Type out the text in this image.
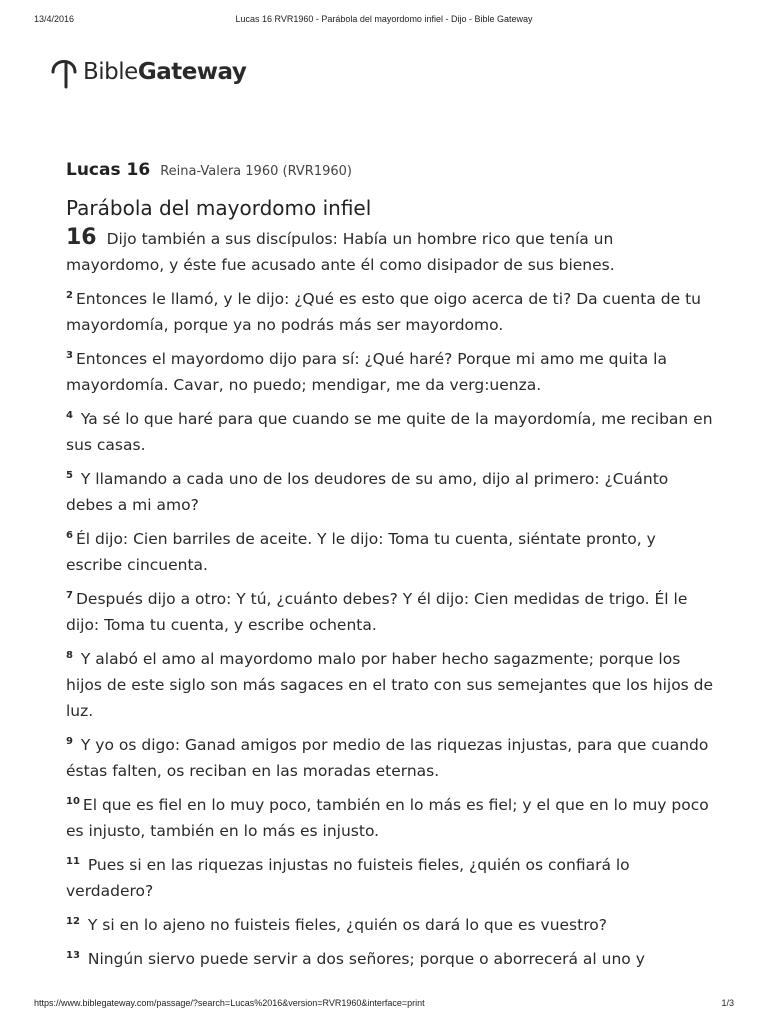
13/4/2016	Lucas 16 RVR1960 - Parábola del mayordomo infiel - Dijo - Bible Gateway
BibleGateway
Lucas 16 Reina-Valera 1960 (RVR1960)
Parábola del mayordomo infiel

16 Dijo también a sus discípulos: Había un hombre rico que tenía un mayordomo, y éste fue acusado ante él como disipador de sus bienes.

$^2$ Entonces le llamó, y le dijo: ¿Qué es esto que oigo acerca de ti? Da cuenta de tu mayordomía, porque ya no podrás más ser mayordomo.

$^3$ Entonces el mayordomo dijo para sí: ¿Qué haré? Porque mi amo me quita la mayordomía. Cavar, no puedo; mendigar, me da verg:uenza.

$^4$ Ya sé lo que haré para que cuando se me quite de la mayordomía, me reciban en sus casas.

$^5$ Y llamando a cada uno de los deudores de su amo, dijo al primero: ¿Cuánto debes a mi amo?

$^6$ Él dijo: Cien barriles de aceite. Y le dijo: Toma tu cuenta, siéntate pronto, y escribe cincuenta.

$^7$ Después dijo a otro: Y tú, ¿cuánto debes? Y él dijo: Cien medidas de trigo. Él le dijo: Toma tu cuenta, y escribe ochenta.

$^8$ Y alabó el amo al mayordomo malo por haber hecho sagazmente; porque los hijos de este siglo son más sagaces en el trato con sus semejantes que los hijos de luz.

$^9$ Y yo os digo: Ganad amigos por medio de las riquezas injustas, para que cuando éstas falten, os reciban en las moradas eternas.

$^{10}$ El que es fiel en lo muy poco, también en lo más es fiel; y el que en lo muy poco es injusto, también en lo más es injusto.

$^{11}$ Pues si en las riquezas injustas no fuisteis fieles, ¿quién os confiará lo verdadero?

$^{12}$ Y si en lo ajeno no fuisteis fieles, ¿quién os dará lo que es vuestro?

$^{13}$ Ningún siervo puede servir a dos señores; porque o aborrecerá al uno y

https://www.biblegateway.com/passage/?search=Lucas%2016&version=RVR1960&interface=print	1/3
